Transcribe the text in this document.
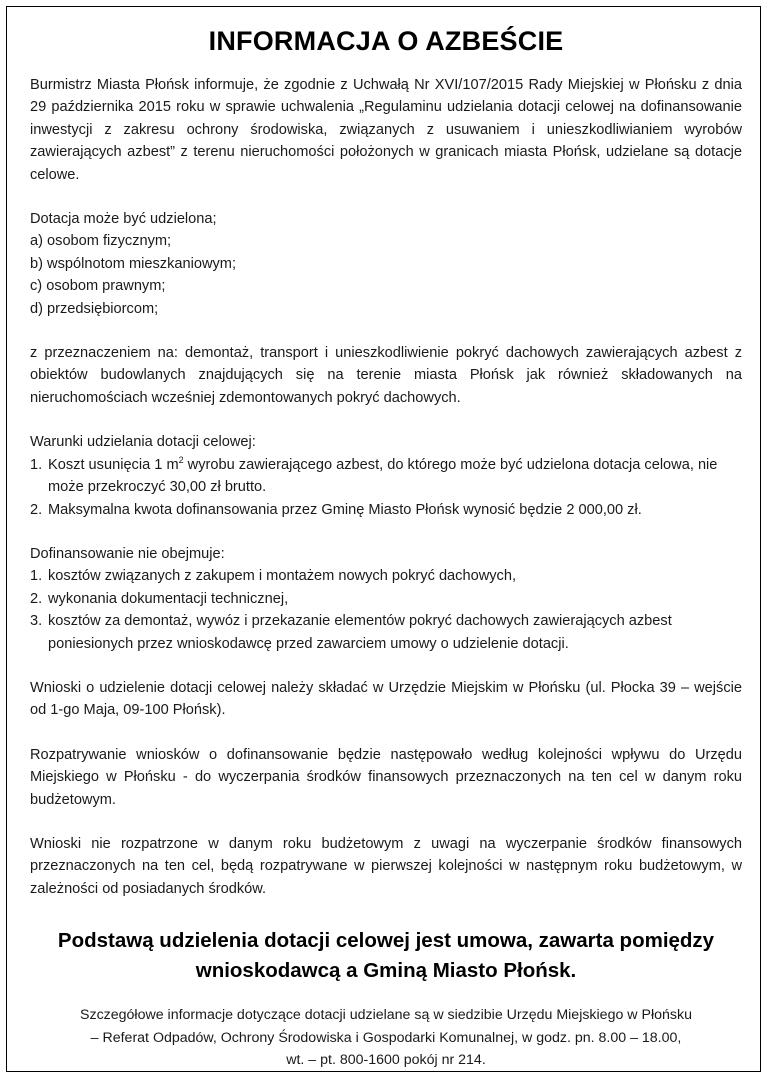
INFORMACJA O AZBEŚCIE

Burmistrz Miasta Płońsk informuje, że zgodnie z Uchwałą Nr XVI/107/2015 Rady Miejskiej w Płońsku z dnia 29 października 2015 roku w sprawie uchwalenia „Regulaminu udzielania dotacji celowej na dofinansowanie inwestycji z zakresu ochrony środowiska, związanych z usuwaniem i unieszkodliwianiem wyrobów zawierających azbest” z terenu nieruchomości położonych w granicach miasta Płońsk, udzielane są dotacje celowe.

Dotacja może być udzielona;

a) osobom fizycznym;

b) wspólnotom mieszkaniowym;

c) osobom prawnym;

d) przedsiębiorcom;

z przeznaczeniem na: demontaż, transport i unieszkodliwienie pokryć dachowych zawierających azbest z obiektów budowlanych znajdujących się na terenie miasta Płońsk jak również składowanych na nieruchomościach wcześniej zdemontowanych pokryć dachowych.

Warunki udzielania dotacji celowej:

1. Koszt usunięcia 1 $m^2$ wyrobu zawierającego azbest, do którego może być udzielona dotacja celowa, nie może przekroczyć 30,00 zł brutto.
2. Maksymalna kwota dofinansowania przez Gminę Miasto Płońsk wynosić będzie 2 000,00 zł.

Dofinansowanie nie obejmuje:

1. kosztów związanych z zakupem i montażem nowych pokryć dachowych,
2. wykonania dokumentacji technicznej,
3. kosztów za demontaż, wywóz i przekazanie elementów pokryć dachowych zawierających azbest poniesionych przez wnioskodawcę przed zawarciem umowy o udzielenie dotacji.

Wnioski o udzielenie dotacji celowej należy składać w Urzędzie Miejskim w Płońsku (ul. Płocka 39 – wejście od 1-go Maja, 09-100 Płońsk).

Rozpatrywanie wniosków o dofinansowanie będzie następowało według kolejności wpływu do Urzędu Miejskiego w Płońsku - do wyczerpania środków finansowych przeznaczonych na ten cel w danym roku budżetowym.

Wnioski nie rozpatrzone w danym roku budżetowym z uwagi na wyczerpanie środków finansowych przeznaczonych na ten cel, będą rozpatrywane w pierwszej kolejności w następnym roku budżetowym, w zależności od posiadanych środków.

Podstawą udzielenia dotacji celowej jest umowa, zawarta pomiędzy
wnioskodawcą a Gminą Miasto Płońsk.
Szczegółowe informacje dotyczące dotacji udzielane są w siedzibie Urzędu Miejskiego w Płońsku
– Referat Odpadów, Ochrony Środowiska i Gospodarki Komunalnej, w godz. pn. 8.00 – 18.00,
wt. – pt. 800-1600 pokój nr 214.
